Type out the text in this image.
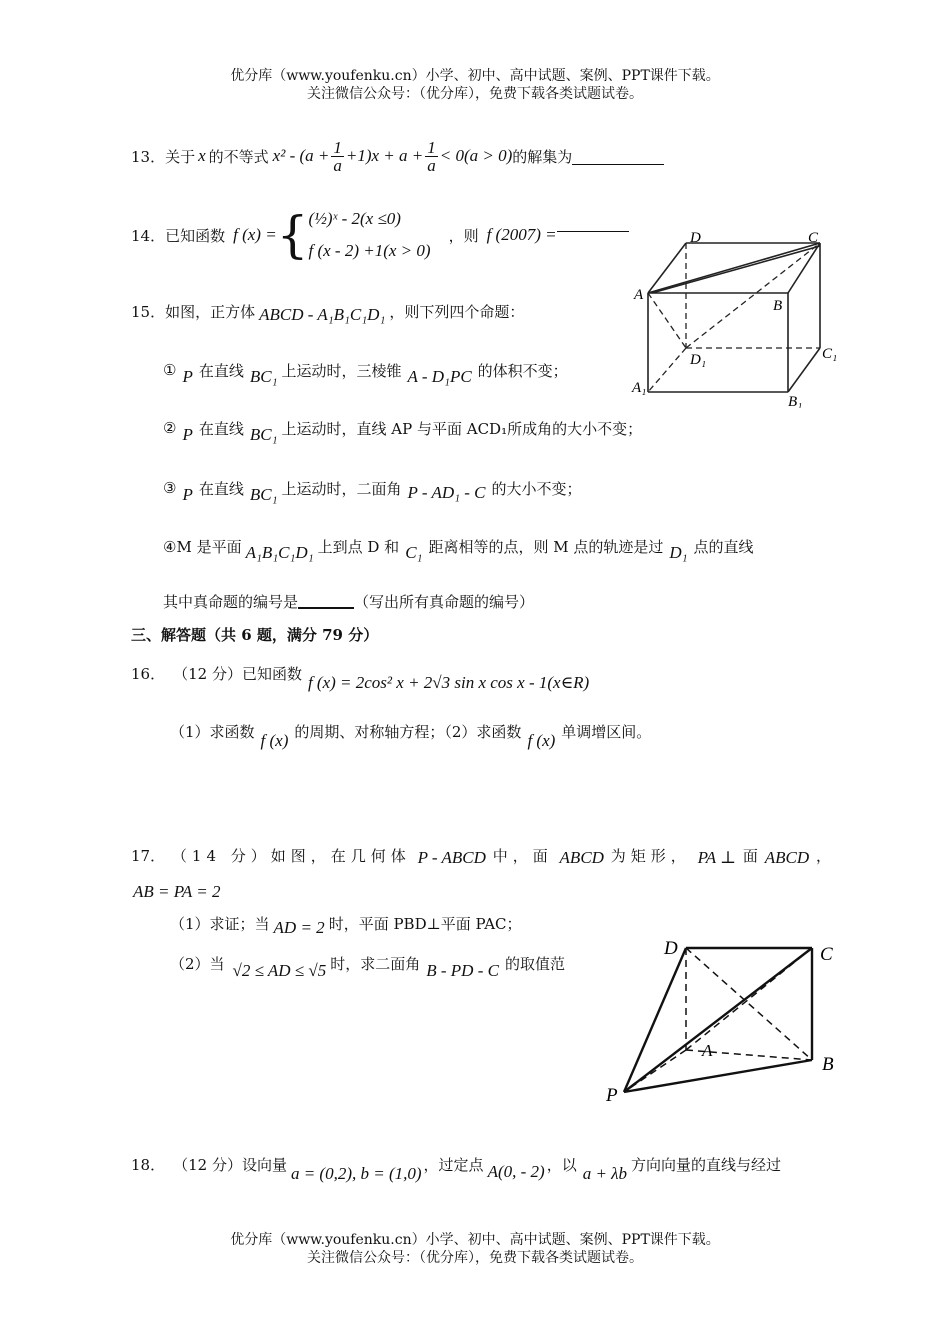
优分库（www.youfenku.cn）小学、初中、高中试题、案例、PPT课件下载。
关注微信公众号：（优分库），免费下载各类试题试卷。
13． 关于 x 的不等式 $x^2 - (a + \frac{1}{a} +1)x + a + \frac{1}{a} < 0(a > 0)$ 的解集为
14． 已知函数 f (x) = { (½)ˣ - 2(x ≤0)
f (x - 2) +1(x > 0)
，则 f (2007) =	D	C
A
B
D₁	C₁
A₁
B₁
15． 如图，正方体 ABCD - A₁B₁C₁D₁ ，则下列四个命题：
① P 在直线 BC₁ 上运动时，三棱锥 A - D₁PC 的体积不变；
② P 在直线 BC₁ 上运动时，直线 AP 与平面 ACD₁所成角的大小不变；
③ P 在直线 BC₁ 上运动时，二面角 P - AD₁ - C 的大小不变；
④M 是平面 A₁B₁C₁D₁ 上到点 D 和 C₁ 距离相等的点，则 M 点的轨迹是过 D₁ 点的直线
其中真命题的编号是	（写出所有真命题的编号）
三、解答题（共 6 题，满分 79 分）
16． （12 分）已知函数 f (x) = 2cos² x + 2√3 sin x cos x - 1(x∈R)
（1）求函数 f (x) 的周期、对称轴方程；（2）求函数 f (x) 单调增区间。
17． （14 分）如图，在几何体 P - ABCD 中，面 ABCD 为矩形， PA ⊥ 面 ABCD ，
AB = PA = 2
（1）求证；当 AD = 2 时，平面 PBD⊥平面 PAC；
（2）当 √2 ≤ AD ≤ √5 时，求二面角 B - PD - C 的取值范
D	C
A
B
P
18． （12 分）设向量 a = (0,2), b = (1,0) ，过定点 A(0, - 2) ，以 a + λb 方向向量的直线与经过
优分库（www.youfenku.cn）小学、初中、高中试题、案例、PPT课件下载。
关注微信公众号：（优分库），免费下载各类试题试卷。
